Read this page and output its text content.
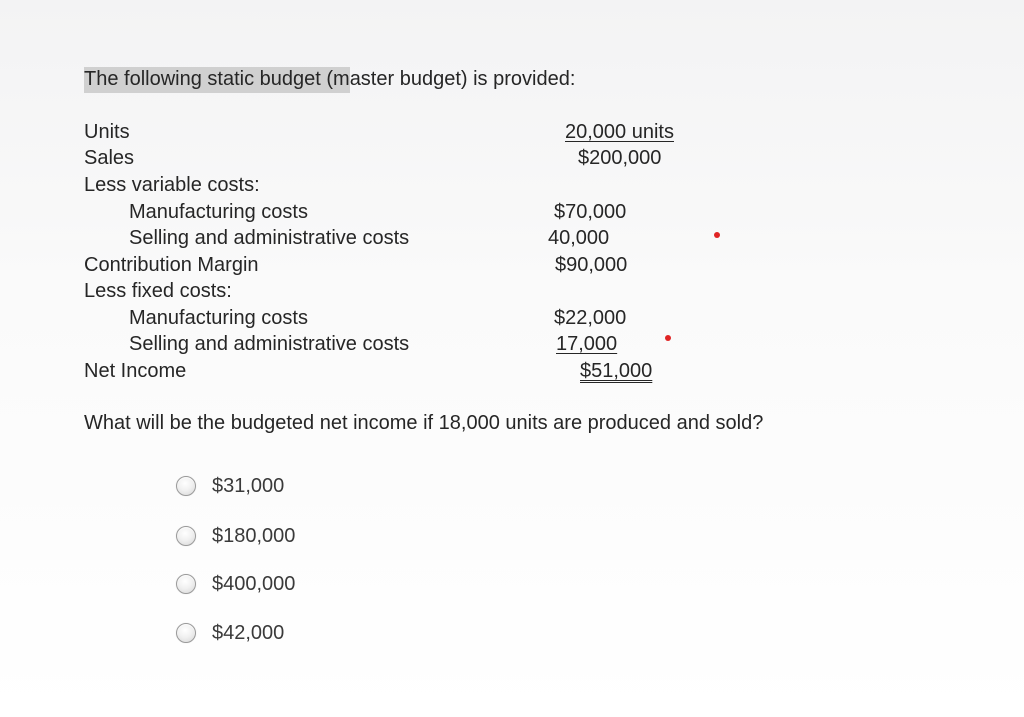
The following static budget (master budget) is provided:
Units
Sales
Less variable costs:
Manufacturing costs
Selling and administrative costs
Contribution Margin
Less fixed costs:
Manufacturing costs
Selling and administrative costs
Net Income
20,000 units
$200,000
$70,000
40,000
$90,000
$22,000
17,000
$51,000
What will be the budgeted net income if 18,000 units are produced and sold?
$31,000
$180,000
$400,000
$42,000
